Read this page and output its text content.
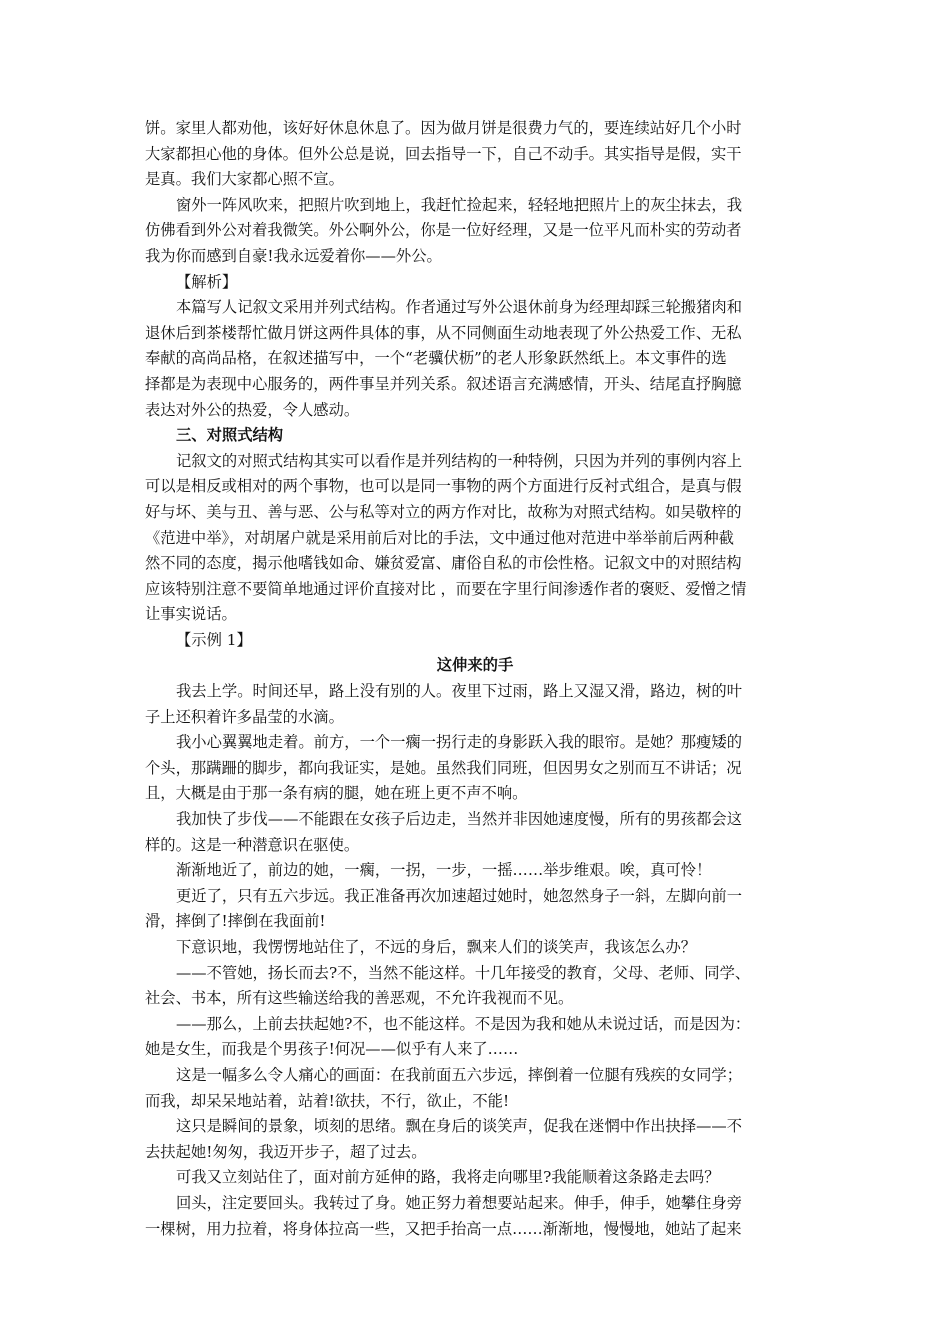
饼。家里人都劝他，该好好休息休息了。因为做月饼是很费力气的，要连续站好几个小时
大家都担心他的身体。但外公总是说，回去指导一下，自己不动手。其实指导是假，实干
是真。我们大家都心照不宣。
窗外一阵风吹来，把照片吹到地上，我赶忙捡起来，轻轻地把照片上的灰尘抹去，我
仿佛看到外公对着我微笑。外公啊外公，你是一位好经理，又是一位平凡而朴实的劳动者
我为你而感到自豪!我永远爱着你——外公。
【解析】
本篇写人记叙文采用并列式结构。作者通过写外公退休前身为经理却踩三轮搬猪肉和
退休后到茶楼帮忙做月饼这两件具体的事，从不同侧面生动地表现了外公热爱工作、无私
奉献的高尚品格，在叙述描写中，一个“老骥伏枥”的老人形象跃然纸上。本文事件的选
择都是为表现中心服务的，两件事呈并列关系。叙述语言充满感情，开头、结尾直抒胸臆
表达对外公的热爱，令人感动。
三、对照式结构
记叙文的对照式结构其实可以看作是并列结构的一种特例，只因为并列的事例内容上
可以是相反或相对的两个事物，也可以是同一事物的两个方面进行反衬式组合，是真与假
好与坏、美与丑、善与恶、公与私等对立的两方作对比，故称为对照式结构。如吴敬梓的
《范进中举》，对胡屠户就是采用前后对比的手法，文中通过他对范进中举举前后两种截
然不同的态度，揭示他嗜钱如命、嫌贫爱富、庸俗自私的市侩性格。记叙文中的对照结构
应该特别注意不要简单地通过评价直接对比 ，而要在字里行间渗透作者的褒贬、爱憎之情
让事实说话。
【示例 1】
这伸来的手
我去上学。时间还早，路上没有别的人。夜里下过雨，路上又湿又滑，路边，树的叶
子上还积着许多晶莹的水滴。
我小心翼翼地走着。前方，一个一瘸一拐行走的身影跃入我的眼帘。是她？那瘦矮的
个头，那蹒跚的脚步，都向我证实，是她。虽然我们同班，但因男女之别而互不讲话；况
且，大概是由于那一条有病的腿，她在班上更不声不响。
我加快了步伐——不能跟在女孩子后边走，当然并非因她速度慢，所有的男孩都会这
样的。这是一种潜意识在驱使。
渐渐地近了，前边的她，一瘸，一拐，一步，一摇……举步维艰。唉，真可怜！
更近了，只有五六步远。我正准备再次加速超过她时，她忽然身子一斜，左脚向前一
滑，摔倒了!摔倒在我面前!
下意识地，我愣愣地站住了，不远的身后，飘来人们的谈笑声，我该怎么办？
——不管她，扬长而去?不，当然不能这样。十几年接受的教育，父母、老师、同学、
社会、书本，所有这些输送给我的善恶观，不允许我视而不见。
——那么，上前去扶起她?不，也不能这样。不是因为我和她从未说过话，而是因为：
她是女生，而我是个男孩子!何况——似乎有人来了……
这是一幅多么令人痛心的画面：在我前面五六步远，摔倒着一位腿有残疾的女同学；
而我，却呆呆地站着，站着!欲扶，不行，欲止，不能!
这只是瞬间的景象，顷刻的思绪。飘在身后的谈笑声，促我在迷惘中作出抉择——不
去扶起她!匆匆，我迈开步子，超了过去。
可我又立刻站住了，面对前方延伸的路，我将走向哪里?我能顺着这条路走去吗？
回头，注定要回头。我转过了身。她正努力着想要站起来。伸手，伸手，她攀住身旁
一棵树，用力拉着，将身体拉高一些，又把手抬高一点……渐渐地，慢慢地，她站了起来
